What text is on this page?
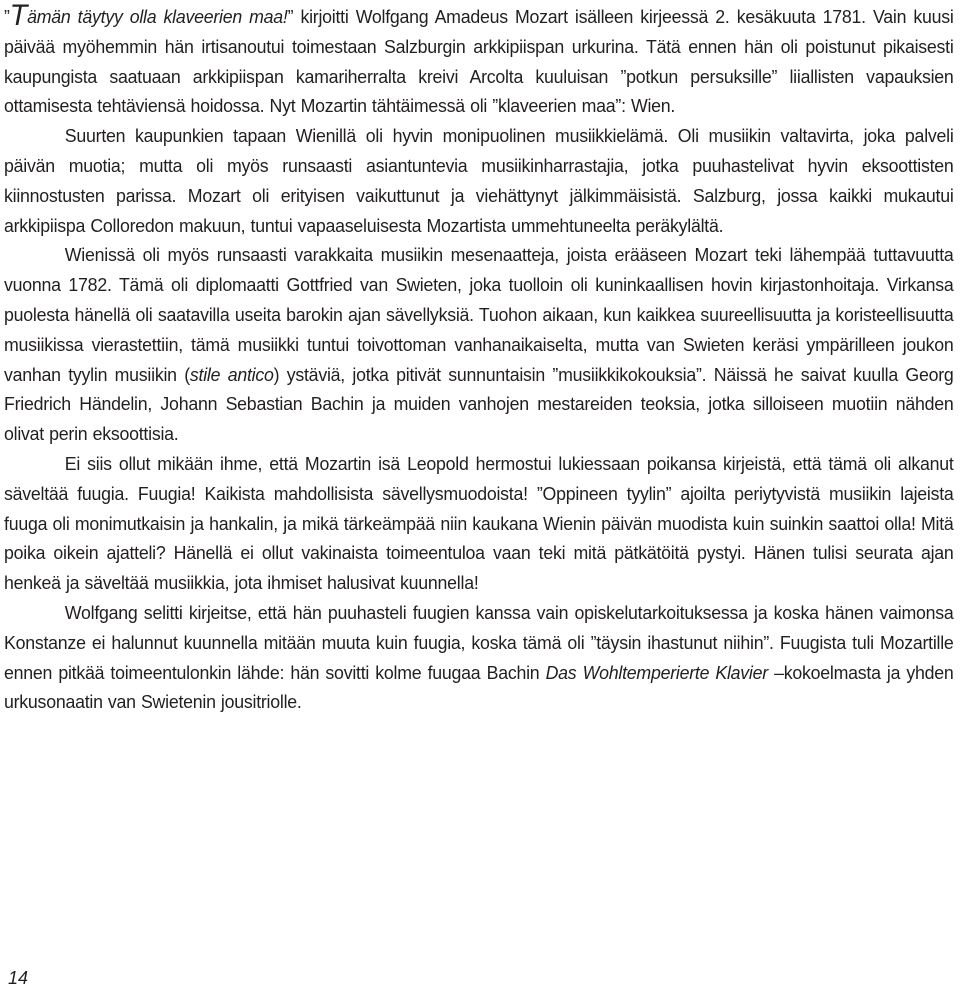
”Tämän täytyy olla klaveerien maa!” kirjoitti Wolfgang Amadeus Mozart isälleen kirjeessä 2. kesäkuuta 1781. Vain kuusi päivää myöhemmin hän irtisanoutui toimestaan Salzburgin arkkipiispan urkurina. Tätä ennen hän oli poistunut pikaisesti kaupungista saatuaan arkkipiispan kamariherralta kreivi Arcolta kuuluisan ”potkun persuksille” liiallisten vapauksien ottamisesta tehtäviensä hoidossa. Nyt Mozartin tähtäimessä oli ”klaveerien maa”: Wien.

Suurten kaupunkien tapaan Wienillä oli hyvin monipuolinen musiikkielämä. Oli musiikin valtavirta, joka palveli päivän muotia; mutta oli myös runsaasti asiantuntevia musiikinharrastajia, jotka puuhastelivat hyvin eksoottisten kiinnostusten parissa. Mozart oli erityisen vaikuttunut ja viehättynyt jälkimmäisistä. Salzburg, jossa kaikki mukautui arkkipiispa Colloredon makuun, tuntui vapaaseluisesta Mozartista ummehtuneelta peräkylältä.

Wienissä oli myös runsaasti varakkaita musiikin mesenaatteja, joista erääseen Mozart teki lähempää tuttavuutta vuonna 1782. Tämä oli diplomaatti Gottfried van Swieten, joka tuolloin oli kuninkaallisen hovin kirjastonhoitaja. Virkansa puolesta hänellä oli saatavilla useita barokin ajan sävellyksiä. Tuohon aikaan, kun kaikkea suureellisuutta ja koristeellisuutta musiikissa vierastettiin, tämä musiikki tuntui toivottoman vanhanaikaiselta, mutta van Swieten keräsi ympärilleen joukon vanhan tyylin musiikin (stile antico) ystäviä, jotka pitivät sunnuntaisin ”musiikkikokouksia”. Näissä he saivat kuulla Georg Friedrich Händelin, Johann Sebastian Bachin ja muiden vanhojen mestareiden teoksia, jotka silloiseen muotiin nähden olivat perin eksoottisia.

Ei siis ollut mikään ihme, että Mozartin isä Leopold hermostui lukiessaan poikansa kirjeistä, että tämä oli alkanut säveltää fuugia. Fuugia! Kaikista mahdollisista sävellysmuodoista! ”Oppineen tyylin” ajoilta periytyvistä musiikin lajeista fuuga oli monimutkaisin ja hankalin, ja mikä tärkeämpää niin kaukana Wienin päivän muodista kuin suinkin saattoi olla! Mitä poika oikein ajatteli? Hänellä ei ollut vakinaista toimeentuloa vaan teki mitä pätkätöitä pystyi. Hänen tulisi seurata ajan henkeä ja säveltää musiikkia, jota ihmiset halusivat kuunnella!

Wolfgang selitti kirjeitse, että hän puuhasteli fuugien kanssa vain opiskelutarkoituksessa ja koska hänen vaimonsa Konstanze ei halunnut kuunnella mitään muuta kuin fuugia, koska tämä oli ”täysin ihastunut niihin”. Fuugista tuli Mozartille ennen pitkää toimeentulonkin lähde: hän sovitti kolme fuugaa Bachin Das Wohltemperierte Klavier –kokoelmasta ja yhden urkusonaatin van Swietenin jousitriolle.

14
